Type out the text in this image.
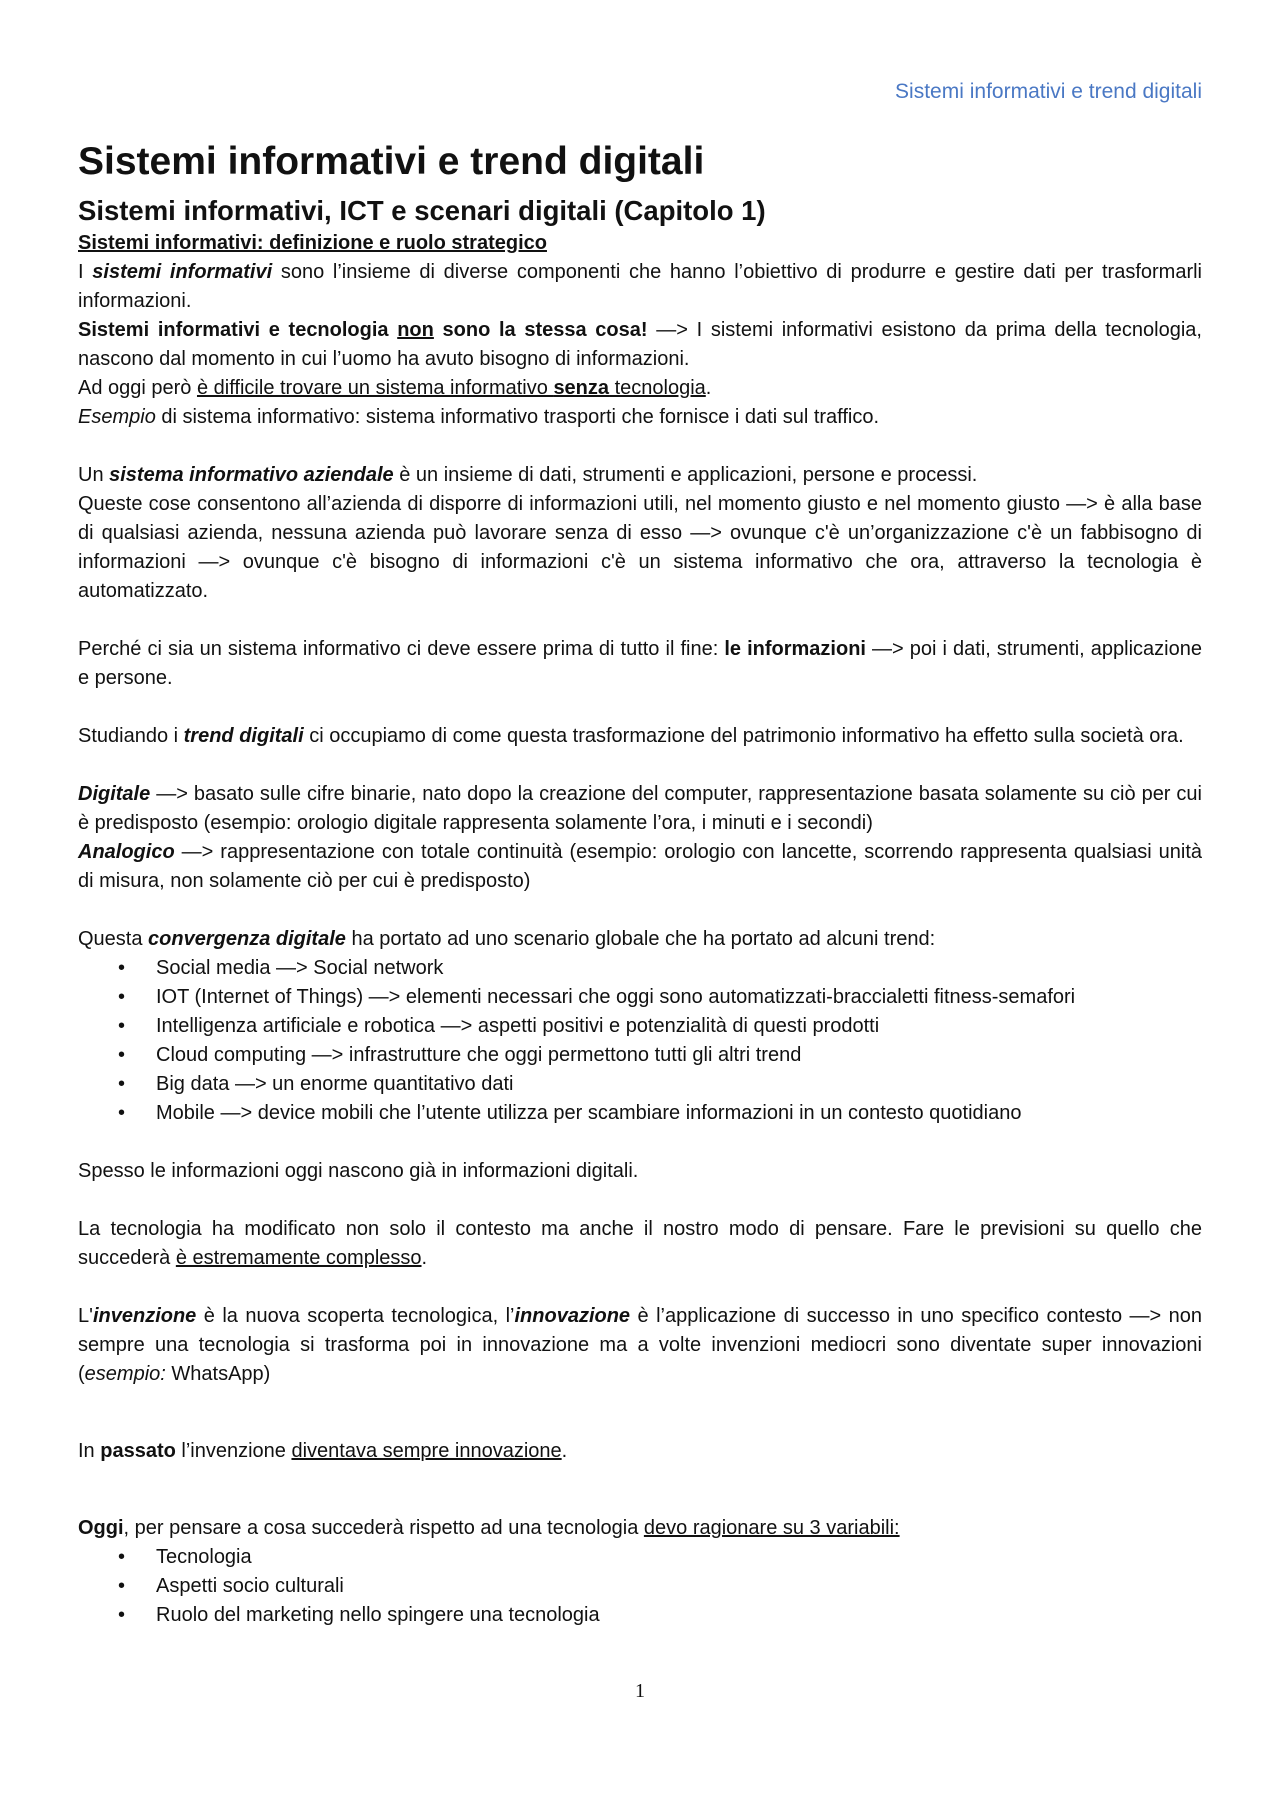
Sistemi informativi e trend digitali
Sistemi informativi e trend digitali
Sistemi informativi, ICT e scenari digitali (Capitolo 1)

Sistemi informativi: definizione e ruolo strategico

I sistemi informativi sono l’insieme di diverse componenti che hanno l’obiettivo di produrre e gestire dati per trasformarli informazioni.

Sistemi informativi e tecnologia non sono la stessa cosa! —> I sistemi informativi esistono da prima della tecnologia, nascono dal momento in cui l’uomo ha avuto bisogno di informazioni.

Ad oggi però è difficile trovare un sistema informativo senza tecnologia.

Esempio di sistema informativo: sistema informativo trasporti che fornisce i dati sul traffico.

Un sistema informativo aziendale è un insieme di dati, strumenti e applicazioni, persone e processi.

Queste cose consentono all’azienda di disporre di informazioni utili, nel momento giusto e nel momento giusto —> è alla base di qualsiasi azienda, nessuna azienda può lavorare senza di esso —> ovunque c'è un’organizzazione c'è un fabbisogno di informazioni —> ovunque c'è bisogno di informazioni c'è un sistema informativo che ora, attraverso la tecnologia è automatizzato.

Perché ci sia un sistema informativo ci deve essere prima di tutto il fine: le informazioni —> poi i dati, strumenti, applicazione e persone.

Studiando i trend digitali ci occupiamo di come questa trasformazione del patrimonio informativo ha effetto sulla società ora.

Digitale —> basato sulle cifre binarie, nato dopo la creazione del computer, rappresentazione basata solamente su ciò per cui è predisposto (esempio: orologio digitale rappresenta solamente l’ora, i minuti e i secondi)

Analogico —> rappresentazione con totale continuità (esempio: orologio con lancette, scorrendo rappresenta qualsiasi unità di misura, non solamente ciò per cui è predisposto)

Questa convergenza digitale ha portato ad uno scenario globale che ha portato ad alcuni trend:

• Social media —> Social network
• IOT (Internet of Things) —> elementi necessari che oggi sono automatizzati-braccialetti fitness-semafori
• Intelligenza artificiale e robotica —> aspetti positivi e potenzialità di questi prodotti
• Cloud computing —> infrastrutture che oggi permettono tutti gli altri trend
• Big data —> un enorme quantitativo dati
• Mobile —> device mobili che l’utente utilizza per scambiare informazioni in un contesto quotidiano

Spesso le informazioni oggi nascono già in informazioni digitali.

La tecnologia ha modificato non solo il contesto ma anche il nostro modo di pensare. Fare le previsioni su quello che succederà è estremamente complesso.

L'invenzione è la nuova scoperta tecnologica, l’innovazione è l’applicazione di successo in uno specifico contesto —> non sempre una tecnologia si trasforma poi in innovazione ma a volte invenzioni mediocri sono diventate super innovazioni (esempio: WhatsApp)

In passato l’invenzione diventava sempre innovazione.

Oggi, per pensare a cosa succederà rispetto ad una tecnologia devo ragionare su 3 variabili:

• Tecnologia
• Aspetti socio culturali
• Ruolo del marketing nello spingere una tecnologia
1
